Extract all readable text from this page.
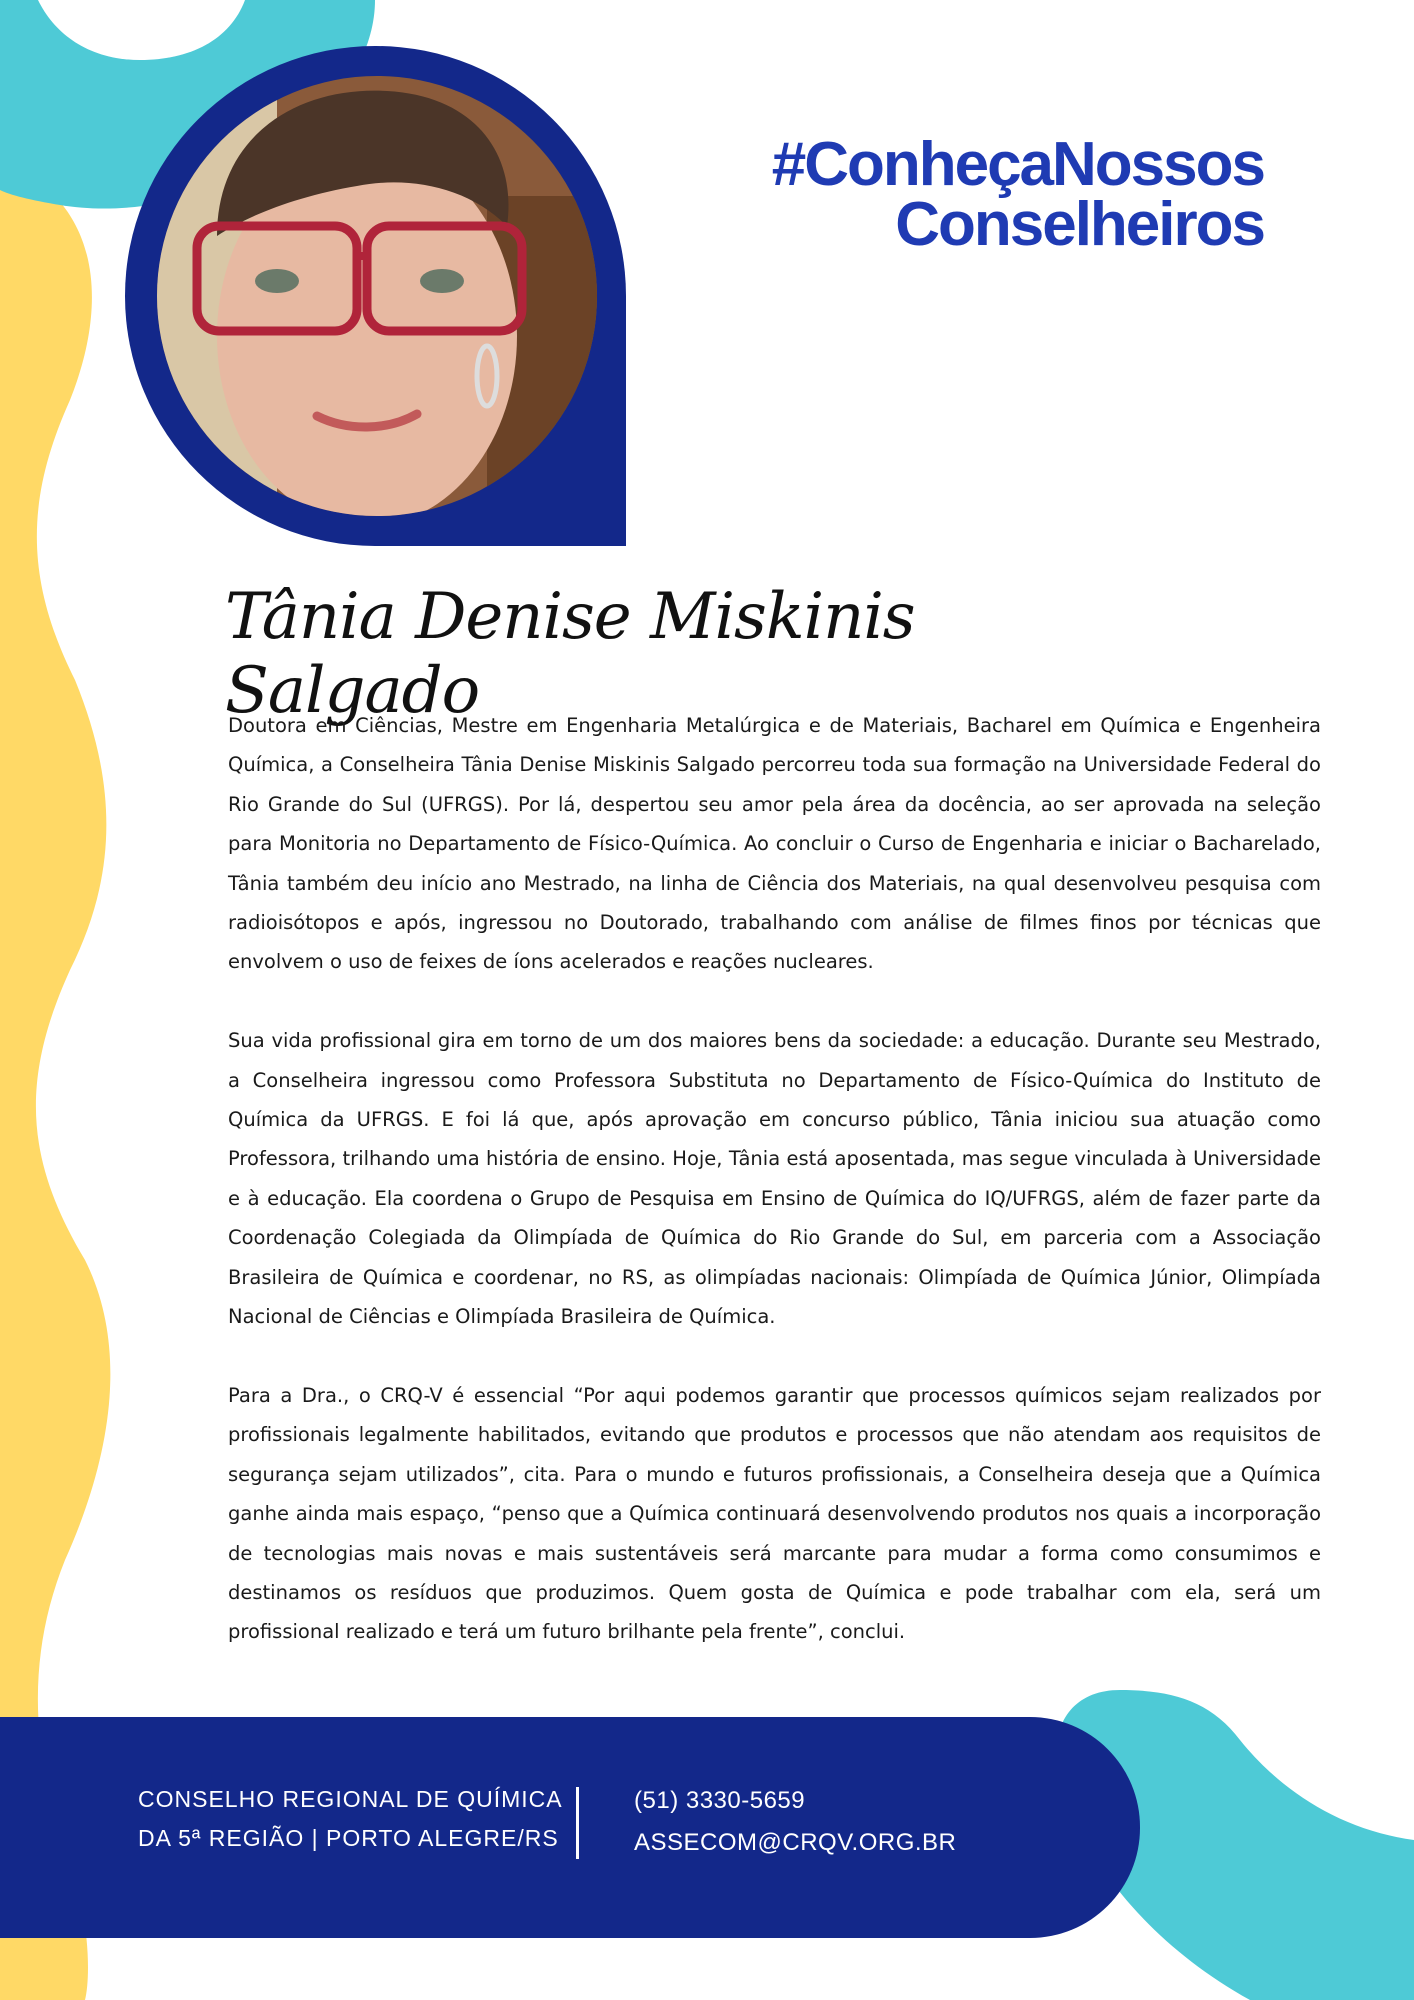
#ConheçaNossos
Conselheiros
Tânia Denise Miskinis Salgado

Doutora em Ciências, Mestre em Engenharia Metalúrgica e de Materiais, Bacharel em Química e Engenheira Química, a Conselheira Tânia Denise Miskinis Salgado percorreu toda sua formação na Universidade Federal do Rio Grande do Sul (UFRGS). Por lá, despertou seu amor pela área da docência, ao ser aprovada na seleção para Monitoria no Departamento de Físico-Química. Ao concluir o Curso de Engenharia e iniciar o Bacharelado, Tânia também deu início ano Mestrado, na linha de Ciência dos Materiais, na qual desenvolveu pesquisa com radioisótopos e após, ingressou no Doutorado, trabalhando com análise de filmes finos por técnicas que envolvem o uso de feixes de íons acelerados e reações nucleares.

Sua vida profissional gira em torno de um dos maiores bens da sociedade: a educação. Durante seu Mestrado, a Conselheira ingressou como Professora Substituta no Departamento de Físico-Química do Instituto de Química da UFRGS. E foi lá que, após aprovação em concurso público, Tânia iniciou sua atuação como Professora, trilhando uma história de ensino. Hoje, Tânia está aposentada, mas segue vinculada à Universidade e à educação. Ela coordena o Grupo de Pesquisa em Ensino de Química do IQ/UFRGS, além de fazer parte da Coordenação Colegiada da Olimpíada de Química do Rio Grande do Sul, em parceria com a Associação Brasileira de Química e coordenar, no RS, as olimpíadas nacionais: Olimpíada de Química Júnior, Olimpíada Nacional de Ciências e Olimpíada Brasileira de Química.

Para a Dra., o CRQ-V é essencial “Por aqui podemos garantir que processos químicos sejam realizados por profissionais legalmente habilitados, evitando que produtos e processos que não atendam aos requisitos de segurança sejam utilizados”, cita. Para o mundo e futuros profissionais, a Conselheira deseja que a Química ganhe ainda mais espaço, “penso que a Química continuará desenvolvendo produtos nos quais a incorporação de tecnologias mais novas e mais sustentáveis será marcante para mudar a forma como consumimos e destinamos os resíduos que produzimos. Quem gosta de Química e pode trabalhar com ela, será um profissional realizado e terá um futuro brilhante pela frente”, conclui.

CONSELHO REGIONAL DE QUÍMICA
DA 5ª REGIÃO | PORTO ALEGRE/RS
(51) 3330-5659
ASSECOM@CRQV.ORG.BR
